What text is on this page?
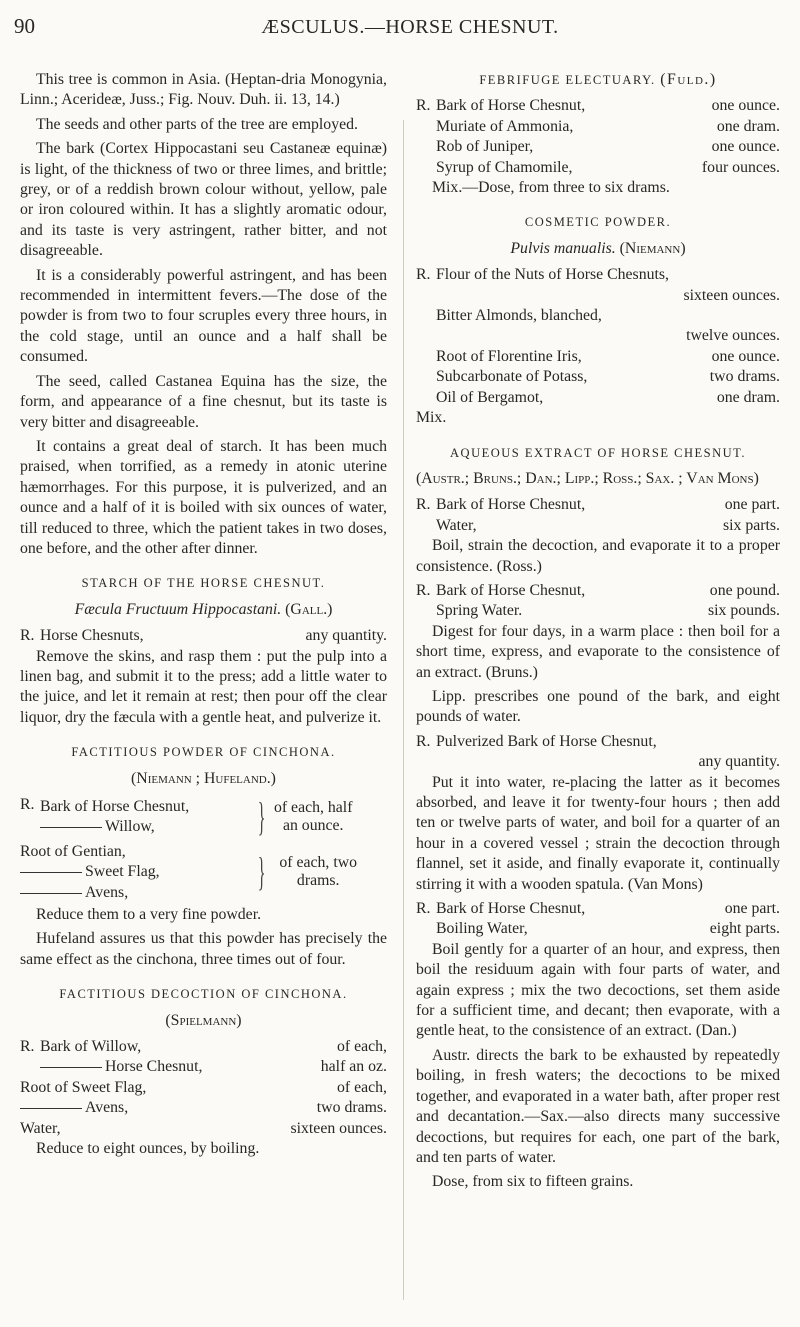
90	ÆSCULUS.—HORSE CHESNUT.

This tree is common in Asia. (Heptan-dria Monogynia, Linn.; Acerideæ, Juss.; Fig. Nouv. Duh. ii. 13, 14.)

The seeds and other parts of the tree are employed.

The bark (Cortex Hippocastani seu Castaneæ equinæ) is light, of the thickness of two or three limes, and brittle; grey, or of a reddish brown colour without, yellow, pale or iron coloured within. It has a slightly aromatic odour, and its taste is very astringent, rather bitter, and not disagreeable.

It is a considerably powerful astringent, and has been recommended in intermittent fevers.—The dose of the powder is from two to four scruples every three hours, in the cold stage, until an ounce and a half shall be consumed.

The seed, called Castanea Equina has the size, the form, and appearance of a fine chesnut, but its taste is very bitter and disagreeable.

It contains a great deal of starch. It has been much praised, when torrified, as a remedy in atonic uterine hæmorrhages. For this purpose, it is pulverized, and an ounce and a half of it is boiled with six ounces of water, till reduced to three, which the patient takes in two doses, one before, and the other after dinner.

STARCH OF THE HORSE CHESNUT.
Fæcula Fructuum Hippocastani. (Gall.)
R. Horse Chesnuts,	any quantity.

Remove the skins, and rasp them : put the pulp into a linen bag, and submit it to the press; add a little water to the juice, and let it remain at rest; then pour off the clear liquor, dry the fæcula with a gentle heat, and pulverize it.

FACTITIOUS POWDER OF CINCHONA.
(Niemann ; Hufeland.)
R. Bark of Horse Chesnut,
Willow,	} of each, half an ounce.
Root of Gentian,
Sweet Flag,
Avens,	} of each, two drams.

Reduce them to a very fine powder.

Hufeland assures us that this powder has precisely the same effect as the cinchona, three times out of four.

FACTITIOUS DECOCTION OF CINCHONA.
(Spielmann)
R. Bark of Willow,	of each,
Horse Chesnut,	half an oz.
Root of Sweet Flag,	of each,
Avens,	two drams.
Water,	sixteen ounces.

Reduce to eight ounces, by boiling.

FEBRIFUGE ELECTUARY. (Fuld.)
R. Bark of Horse Chesnut,	one ounce.
Muriate of Ammonia,	one dram.
Rob of Juniper,	one ounce.
Syrup of Chamomile,	four ounces.

Mix.—Dose, from three to six drams.

COSMETIC POWDER.
Pulvis manualis. (Niemann)
R. Flour of the Nuts of Horse Chesnuts,
sixteen ounces.
Bitter Almonds, blanched,
twelve ounces.
Root of Florentine Iris,	one ounce.
Subcarbonate of Potass,	two drams.
Oil of Bergamot,	one dram.

Mix.

AQUEOUS EXTRACT OF HORSE CHESNUT.

(Austr.; Bruns.; Dan.; Lipp.; Ross.; Sax. ; Van Mons)

R. Bark of Horse Chesnut,	one part.
Water,	six parts.

Boil, strain the decoction, and evaporate it to a proper consistence. (Ross.)

R. Bark of Horse Chesnut,	one pound.
Spring Water.	six pounds.

Digest for four days, in a warm place : then boil for a short time, express, and evaporate to the consistence of an extract. (Bruns.)

Lipp. prescribes one pound of the bark, and eight pounds of water.

R. Pulverized Bark of Horse Chesnut,
any quantity.

Put it into water, re-placing the latter as it becomes absorbed, and leave it for twenty-four hours ; then add ten or twelve parts of water, and boil for a quarter of an hour in a covered vessel ; strain the decoction through flannel, set it aside, and finally evaporate it, continually stirring it with a wooden spatula. (Van Mons)

R. Bark of Horse Chesnut,	one part.
Boiling Water,	eight parts.

Boil gently for a quarter of an hour, and express, then boil the residuum again with four parts of water, and again express ; mix the two decoctions, set them aside for a sufficient time, and decant; then evaporate, with a gentle heat, to the consistence of an extract. (Dan.)

Austr. directs the bark to be exhausted by repeatedly boiling, in fresh waters; the decoctions to be mixed together, and evaporated in a water bath, after proper rest and decantation.—Sax.—also directs many successive decoctions, but requires for each, one part of the bark, and ten parts of water.

Dose, from six to fifteen grains.
